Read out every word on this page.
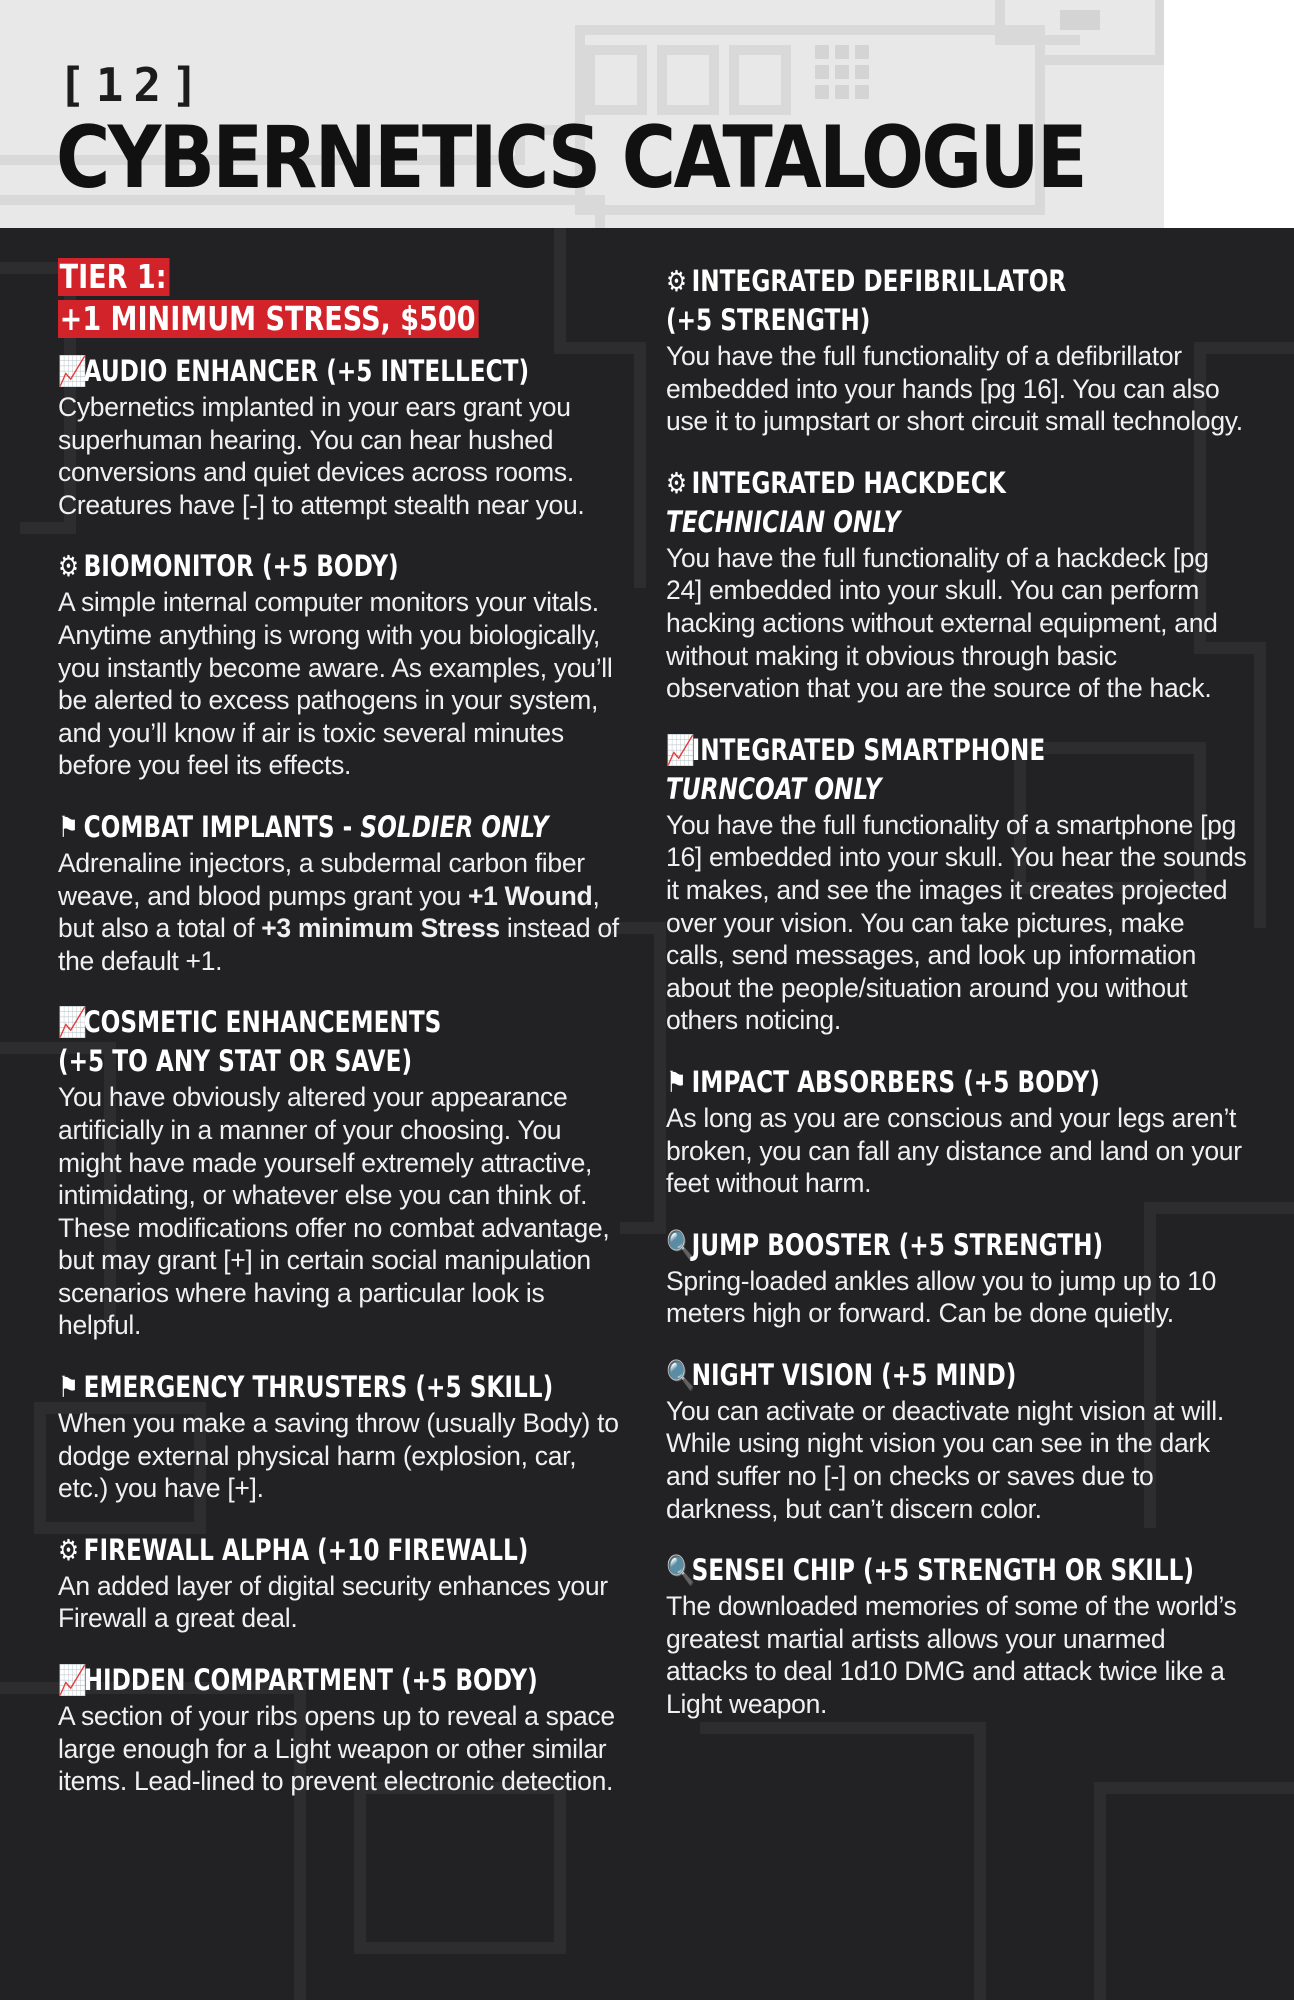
[12]
CYBERNETICS CATALOGUE
TIER 1:
+1 MINIMUM STRESS, $500
📈AUDIO ENHANCER (+5 INTELLECT)
Cybernetics implanted in your ears grant you superhuman hearing. You can hear hushed conversions and quiet devices across rooms. Creatures have [-] to attempt stealth near you.
⚙ BIOMONITOR (+5 BODY)
A simple internal computer monitors your vitals. Anytime anything is wrong with you biologically, you instantly become aware. As examples, you’ll be alerted to excess pathogens in your system, and you’ll know if air is toxic several minutes before you feel its effects.
⚑ COMBAT IMPLANTS - SOLDIER ONLY
Adrenaline injectors, a subdermal carbon fiber weave, and blood pumps grant you +1 Wound, but also a total of +3 minimum Stress instead of the default +1.
📈COSMETIC ENHANCEMENTS
(+5 TO ANY STAT OR SAVE)
You have obviously altered your appearance artificially in a manner of your choosing. You might have made yourself extremely attractive, intimidating, or whatever else you can think of. These modifications offer no combat advantage, but may grant [+] in certain social manipulation scenarios where having a particular look is helpful.
⚑ EMERGENCY THRUSTERS (+5 SKILL)
When you make a saving throw (usually Body) to dodge external physical harm (explosion, car, etc.) you have [+].
⚙ FIREWALL ALPHA (+10 FIREWALL)
An added layer of digital security enhances your Firewall a great deal.
📈HIDDEN COMPARTMENT (+5 BODY)
A section of your ribs opens up to reveal a space large enough for a Light weapon or other similar items. Lead-lined to prevent electronic detection.
⚙ INTEGRATED DEFIBRILLATOR
(+5 STRENGTH)
You have the full functionality of a defibrillator embedded into your hands [pg 16]. You can also use it to jumpstart or short circuit small technology.
⚙ INTEGRATED HACKDECK
TECHNICIAN ONLY
You have the full functionality of a hackdeck [pg 24] embedded into your skull. You can perform hacking actions without external equipment, and without making it obvious through basic observation that you are the source of the hack.
📈INTEGRATED SMARTPHONE
TURNCOAT ONLY
You have the full functionality of a smartphone [pg 16] embedded into your skull. You hear the sounds it makes, and see the images it creates projected over your vision. You can take pictures, make calls, send messages, and look up information about the people/situation around you without others noticing.
⚑ IMPACT ABSORBERS (+5 BODY)
As long as you are conscious and your legs aren’t broken, you can fall any distance and land on your feet without harm.
🔍JUMP BOOSTER (+5 STRENGTH)
Spring-loaded ankles allow you to jump up to 10 meters high or forward. Can be done quietly.
🔍NIGHT VISION (+5 MIND)
You can activate or deactivate night vision at will. While using night vision you can see in the dark and suffer no [-] on checks or saves due to darkness, but can’t discern color.
🔍SENSEI CHIP (+5 STRENGTH OR SKILL)
The downloaded memories of some of the world’s greatest martial artists allows your unarmed attacks to deal 1d10 DMG and attack twice like a Light weapon.
